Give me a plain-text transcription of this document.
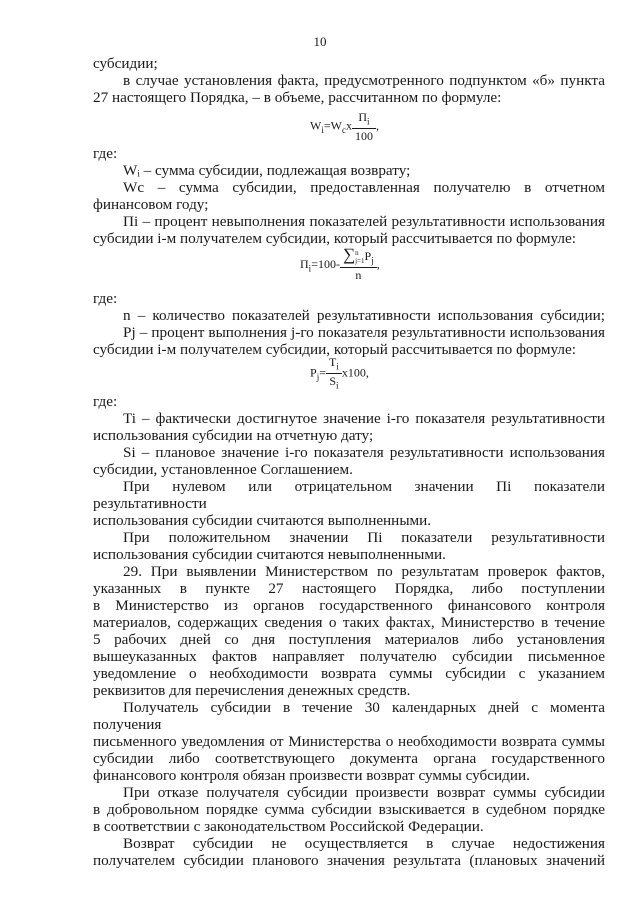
10
субсидии;
в случае установления факта, предусмотренного подпунктом «б» пункта
27 настоящего Порядка, – в объеме, рассчитанном по формуле:
$W_i=W_cx \frac{П_i}{100}$ ,
где:
Wᵢ – сумма субсидии, подлежащая возврату;
Wc – сумма субсидии, предоставленная получателю в отчетном
финансовом году;
Пi – процент невыполнения показателей результативности использования
субсидии i-м получателем субсидии, который рассчитывается по формуле:
$П_i=100-$ ∑ n
j=1 $P_j$
n ,
где:
n – количество показателей результативности использования субсидии;
Pj – процент выполнения j-го показателя результативности использования
субсидии i-м получателем субсидии, который рассчитывается по формуле:
$P_j= \frac{T_i}{S_i} x100$,
где:
Ti – фактически достигнутое значение i-го показателя результативности
использования субсидии на отчетную дату;
Si – плановое значение i-го показателя результативности использования
субсидии, установленное Соглашением.
При нулевом или отрицательном значении Пi показатели результативности
использования субсидии считаются выполненными.
При положительном значении Пi показатели результативности
использования субсидии считаются невыполненными.
29. При выявлении Министерством по результатам проверок фактов,
указанных в пункте 27 настоящего Порядка, либо поступлении
в Министерство из органов государственного финансового контроля
материалов, содержащих сведения о таких фактах, Министерство в течение
5 рабочих дней со дня поступления материалов либо установления
вышеуказанных фактов направляет получателю субсидии письменное
уведомление о необходимости возврата суммы субсидии с указанием
реквизитов для перечисления денежных средств.
Получатель субсидии в течение 30 календарных дней с момента получения
письменного уведомления от Министерства о необходимости возврата суммы
субсидии либо соответствующего документа органа государственного
финансового контроля обязан произвести возврат суммы субсидии.
При отказе получателя субсидии произвести возврат суммы субсидии
в добровольном порядке сумма субсидии взыскивается в судебном порядке
в соответствии с законодательством Российской Федерации.
Возврат субсидии не осуществляется в случае недостижения
получателем субсидии планового значения результата (плановых значений
